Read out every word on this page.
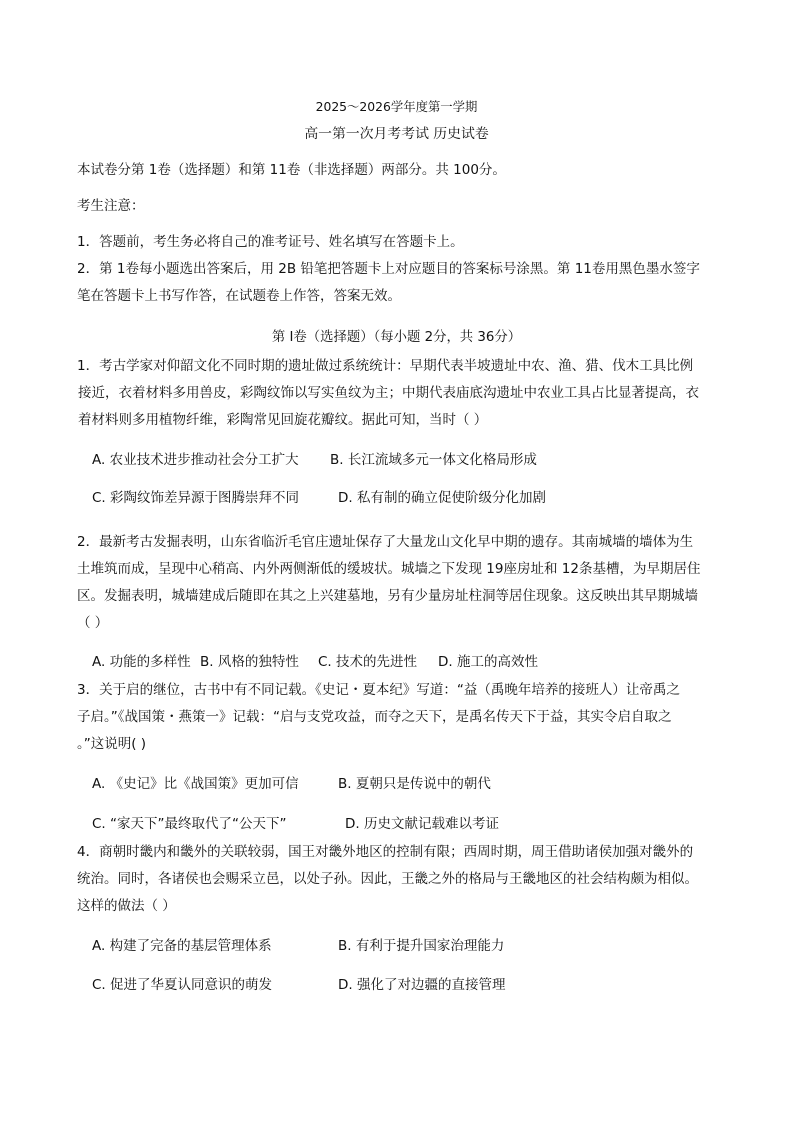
2025～2026学年度第一学期
高一第一次月考考试 历史试卷
本试卷分第 1卷（选择题）和第 11卷（非选择题）两部分。共 100分。
考生注意：
1．答题前，考生务必将自己的准考证号、姓名填写在答题卡上。
2．第 1卷每小题选出答案后，用 2B 铅笔把答题卡上对应题目的答案标号涂黑。第 11卷用黑色墨水签字
笔在答题卡上书写作答，在试题卷上作答，答案无效。
第 I卷（选择题）（每小题 2分，共 36分）
1．考古学家对仰韶文化不同时期的遗址做过系统统计：早期代表半坡遗址中农、渔、猎、伐木工具比例
接近，衣着材料多用兽皮，彩陶纹饰以写实鱼纹为主；中期代表庙底沟遗址中农业工具占比显著提高，衣
着材料则多用植物纤维，彩陶常见回旋花瓣纹。据此可知，当时（ ）
A. 农业技术进步推动社会分工扩大 B. 长江流域多元一体文化格局形成
C. 彩陶纹饰差异源于图腾崇拜不同	D. 私有制的确立促使阶级分化加剧
2．最新考古发掘表明，山东省临沂毛官庄遗址保存了大量龙山文化早中期的遗存。其南城墙的墙体为生
土堆筑而成，呈现中心稍高、内外两侧渐低的缓坡状。城墙之下发现 19座房址和 12条基槽，为早期居住
区。发掘表明，城墙建成后随即在其之上兴建墓地，另有少量房址柱洞等居住现象。这反映出其早期城墙
（ ）
A. 功能的多样性 B. 风格的独特性 C. 技术的先进性 D. 施工的高效性
3．关于启的继位，古书中有不同记载。《史记・夏本纪》写道：“益（禹晚年培养的接班人）让帝禹之
子启。”《战国策・燕策一》记载：“启与支党攻益，而夺之天下，是禹名传天下于益，其实令启自取之
。”这说明( )
A. 《史记》比《战国策》更加可信	B. 夏朝只是传说中的朝代
C. “家天下”最终取代了“公天下”	D. 历史文献记载难以考证
4．商朝时畿内和畿外的关联较弱，国王对畿外地区的控制有限；西周时期，周王借助诸侯加强对畿外的
统治。同时，各诸侯也会赐采立邑，以处子孙。因此，王畿之外的格局与王畿地区的社会结构颇为相似。
这样的做法（ ）
A. 构建了完备的基层管理体系	B. 有利于提升国家治理能力
C. 促进了华夏认同意识的萌发	D. 强化了对边疆的直接管理
